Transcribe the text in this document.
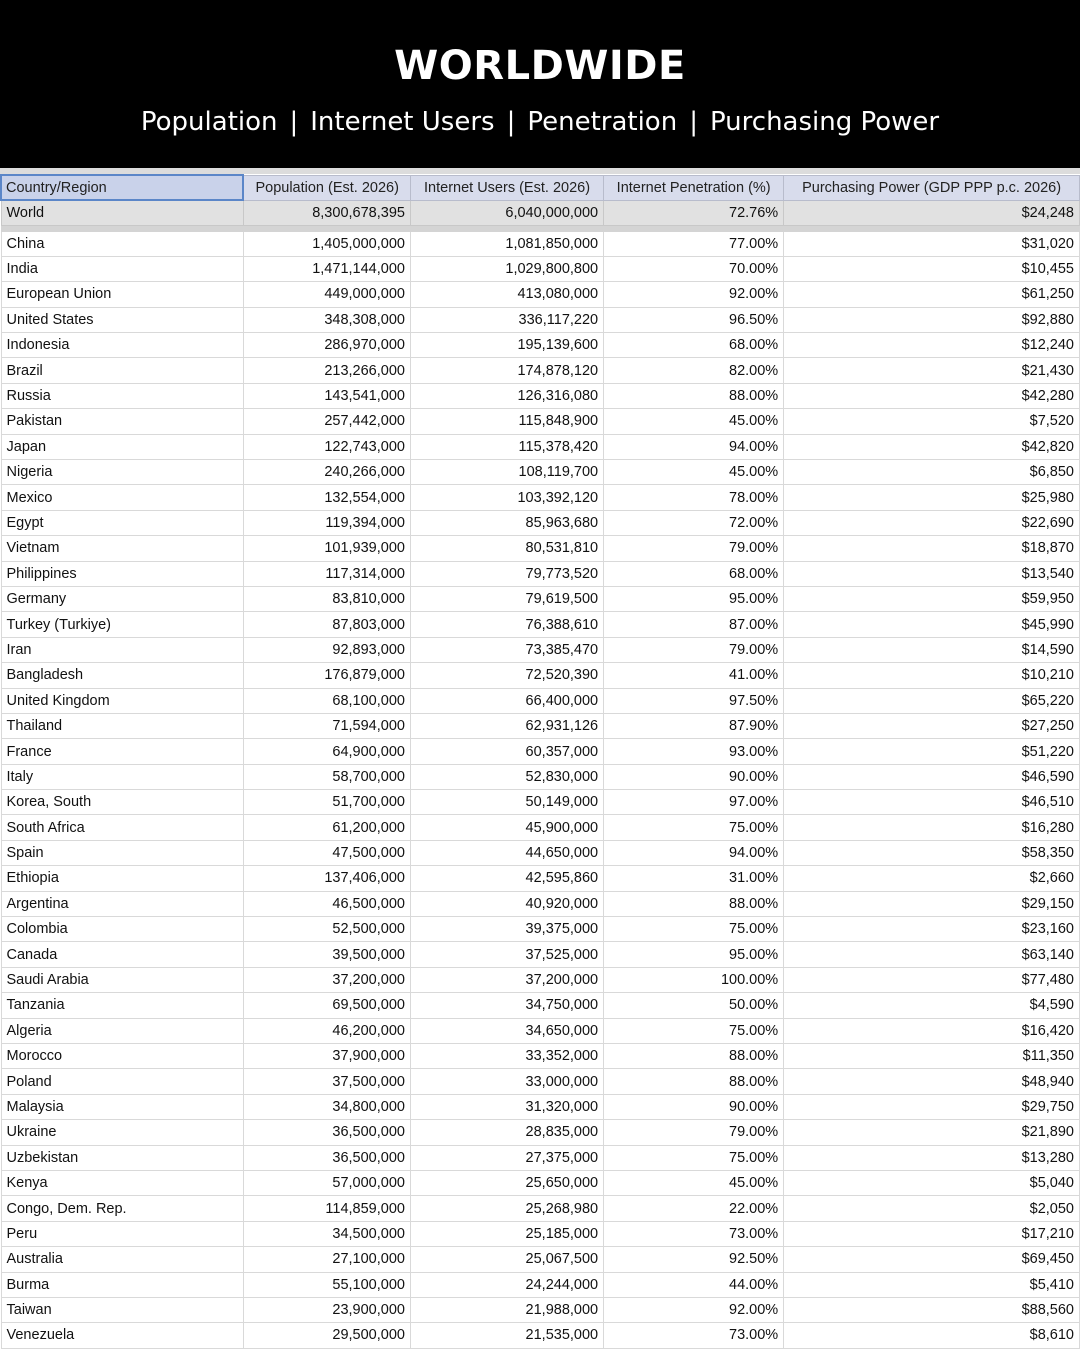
WORLDWIDE
Population | Internet Users | Penetration | Purchasing Power
Country/Region	Population (Est. 2026)	Internet Users (Est. 2026)	Internet Penetration (%)	Purchasing Power (GDP PPP p.c. 2026)
World	8,300,678,395	6,040,000,000	72.76%	$24,248

China	1,405,000,000	1,081,850,000	77.00%	$31,020
India	1,471,144,000	1,029,800,800	70.00%	$10,455
European Union	449,000,000	413,080,000	92.00%	$61,250
United States	348,308,000	336,117,220	96.50%	$92,880
Indonesia	286,970,000	195,139,600	68.00%	$12,240
Brazil	213,266,000	174,878,120	82.00%	$21,430
Russia	143,541,000	126,316,080	88.00%	$42,280
Pakistan	257,442,000	115,848,900	45.00%	$7,520
Japan	122,743,000	115,378,420	94.00%	$42,820
Nigeria	240,266,000	108,119,700	45.00%	$6,850
Mexico	132,554,000	103,392,120	78.00%	$25,980
Egypt	119,394,000	85,963,680	72.00%	$22,690
Vietnam	101,939,000	80,531,810	79.00%	$18,870
Philippines	117,314,000	79,773,520	68.00%	$13,540
Germany	83,810,000	79,619,500	95.00%	$59,950
Turkey (Turkiye)	87,803,000	76,388,610	87.00%	$45,990
Iran	92,893,000	73,385,470	79.00%	$14,590
Bangladesh	176,879,000	72,520,390	41.00%	$10,210
United Kingdom	68,100,000	66,400,000	97.50%	$65,220
Thailand	71,594,000	62,931,126	87.90%	$27,250
France	64,900,000	60,357,000	93.00%	$51,220
Italy	58,700,000	52,830,000	90.00%	$46,590
Korea, South	51,700,000	50,149,000	97.00%	$46,510
South Africa	61,200,000	45,900,000	75.00%	$16,280
Spain	47,500,000	44,650,000	94.00%	$58,350
Ethiopia	137,406,000	42,595,860	31.00%	$2,660
Argentina	46,500,000	40,920,000	88.00%	$29,150
Colombia	52,500,000	39,375,000	75.00%	$23,160
Canada	39,500,000	37,525,000	95.00%	$63,140
Saudi Arabia	37,200,000	37,200,000	100.00%	$77,480
Tanzania	69,500,000	34,750,000	50.00%	$4,590
Algeria	46,200,000	34,650,000	75.00%	$16,420
Morocco	37,900,000	33,352,000	88.00%	$11,350
Poland	37,500,000	33,000,000	88.00%	$48,940
Malaysia	34,800,000	31,320,000	90.00%	$29,750
Ukraine	36,500,000	28,835,000	79.00%	$21,890
Uzbekistan	36,500,000	27,375,000	75.00%	$13,280
Kenya	57,000,000	25,650,000	45.00%	$5,040
Congo, Dem. Rep.	114,859,000	25,268,980	22.00%	$2,050
Peru	34,500,000	25,185,000	73.00%	$17,210
Australia	27,100,000	25,067,500	92.50%	$69,450
Burma	55,100,000	24,244,000	44.00%	$5,410
Taiwan	23,900,000	21,988,000	92.00%	$88,560
Venezuela	29,500,000	21,535,000	73.00%	$8,610
